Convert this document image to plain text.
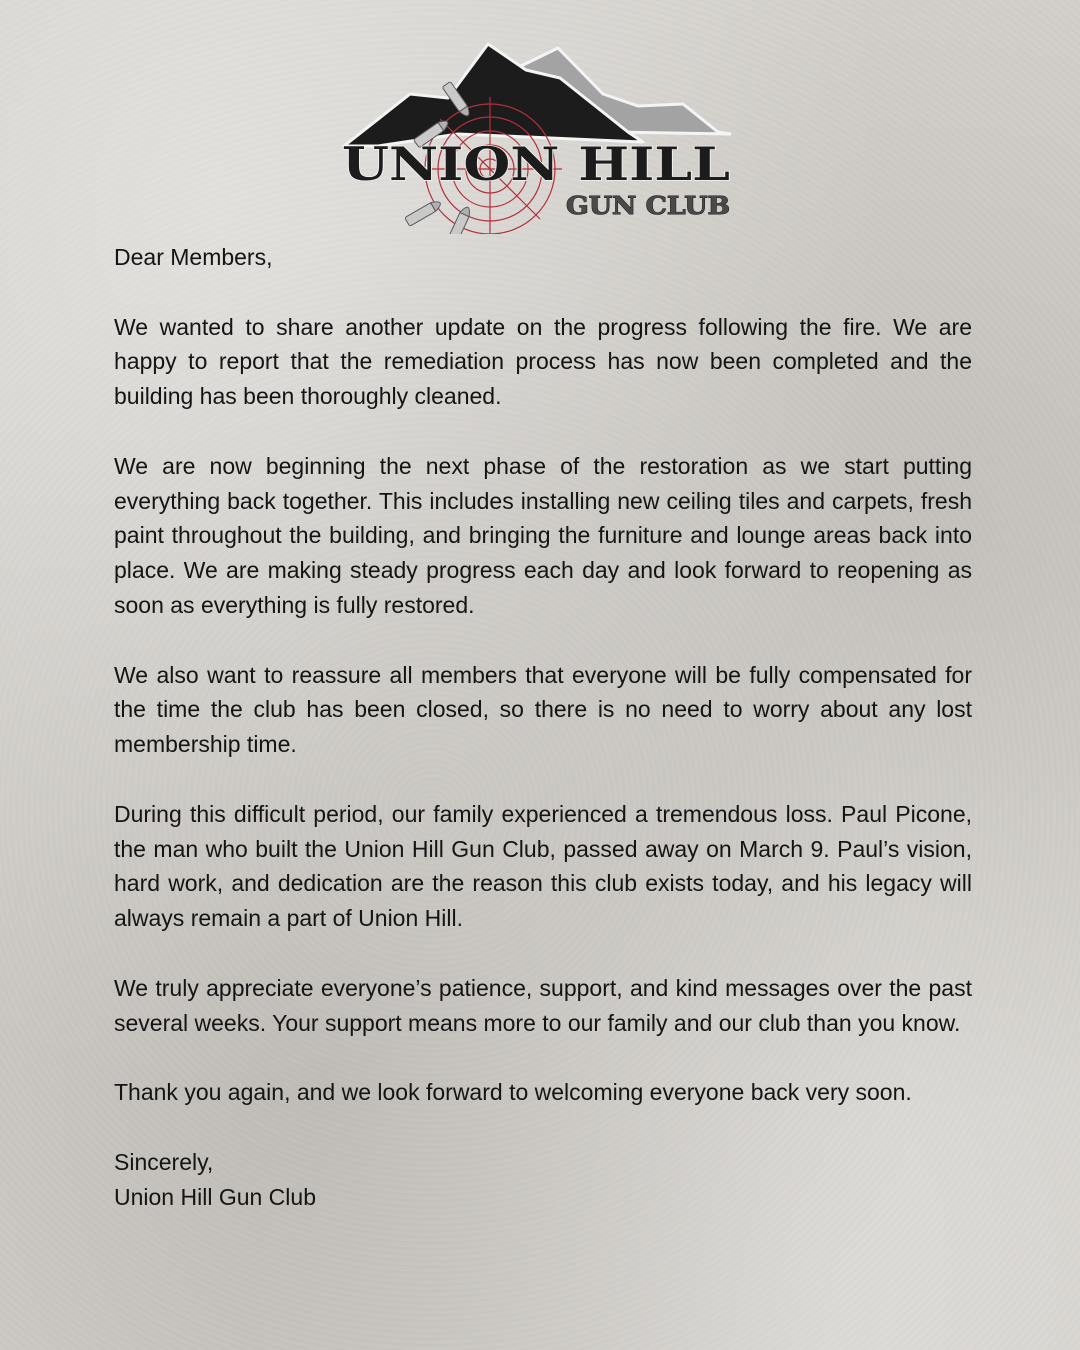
UNION HILL
GUN CLUB

Dear Members,

We wanted to share another update on the progress following the fire. We are happy to report that the remediation process has now been completed and the building has been thoroughly cleaned.

We are now beginning the next phase of the restoration as we start putting everything back together. This includes installing new ceiling tiles and carpets, fresh paint throughout the building, and bringing the furniture and lounge areas back into place. We are making steady progress each day and look forward to reopening as soon as everything is fully restored.

We also want to reassure all members that everyone will be fully compensated for the time the club has been closed, so there is no need to worry about any lost membership time.

During this difficult period, our family experienced a tremendous loss. Paul Picone, the man who built the Union Hill Gun Club, passed away on March 9. Paul’s vision, hard work, and dedication are the reason this club exists today, and his legacy will always remain a part of Union Hill.

We truly appreciate everyone’s patience, support, and kind messages over the past several weeks. Your support means more to our family and our club than you know.

Thank you again, and we look forward to welcoming everyone back very soon.

Sincerely,
Union Hill Gun Club
